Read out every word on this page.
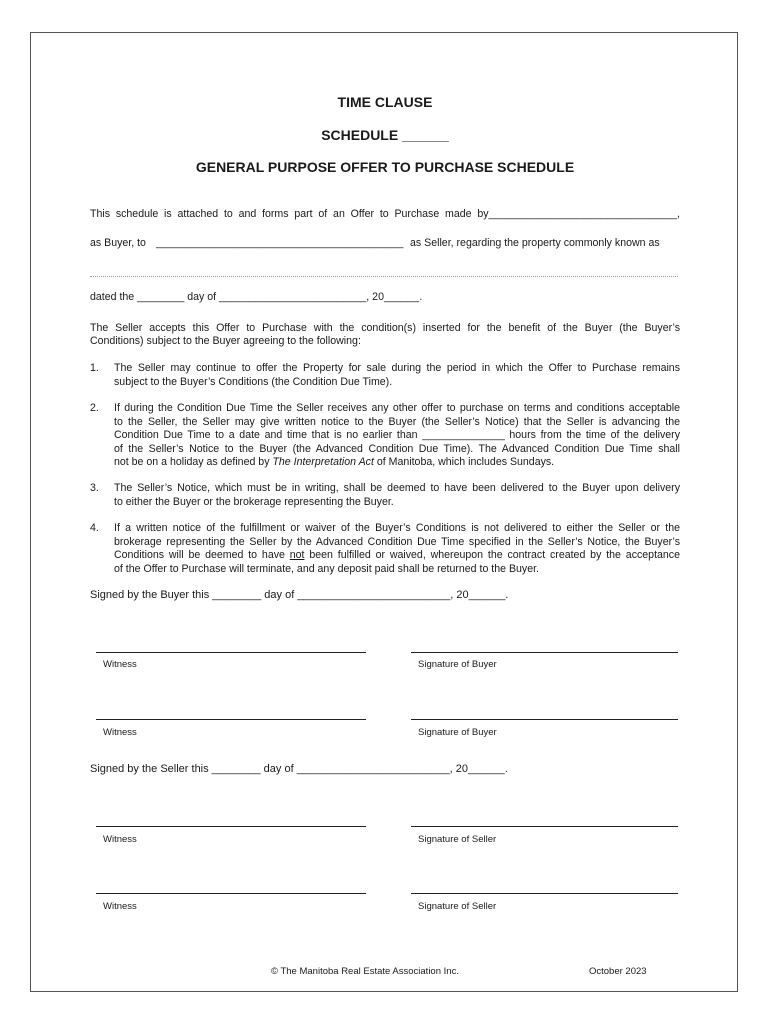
TIME CLAUSE
SCHEDULE ______
GENERAL PURPOSE OFFER TO PURCHASE SCHEDULE
This schedule is attached to and forms part of an Offer to Purchase made by________________________________,
as Buyer, to __________________________________________ as Seller, regarding the property commonly known as
dated the ________ day of _________________________, 20______.
The Seller accepts this Offer to Purchase with the condition(s) inserted for the benefit of the Buyer (the Buyer’s
Conditions) subject to the Buyer agreeing to the following:
1. The Seller may continue to offer the Property for sale during the period in which the Offer to Purchase remains
subject to the Buyer’s Conditions (the Condition Due Time).
2. If during the Condition Due Time the Seller receives any other offer to purchase on terms and conditions acceptable
to the Seller, the Seller may give written notice to the Buyer (the Seller’s Notice) that the Seller is advancing the
Condition Due Time to a date and time that is no earlier than ______________ hours from the time of the delivery
of the Seller’s Notice to the Buyer (the Advanced Condition Due Time). The Advanced Condition Due Time shall
not be on a holiday as defined by The Interpretation Act of Manitoba, which includes Sundays.
3. The Seller’s Notice, which must be in writing, shall be deemed to have been delivered to the Buyer upon delivery
to either the Buyer or the brokerage representing the Buyer.
4. If a written notice of the fulfillment or waiver of the Buyer’s Conditions is not delivered to either the Seller or the
brokerage representing the Seller by the Advanced Condition Due Time specified in the Seller’s Notice, the Buyer’s
Conditions will be deemed to have not been fulfilled or waived, whereupon the contract created by the acceptance
of the Offer to Purchase will terminate, and any deposit paid shall be returned to the Buyer.
Signed by the Buyer this ________ day of _________________________, 20______.
Witness	Signature of Buyer
Witness	Signature of Buyer
Signed by the Seller this ________ day of _________________________, 20______.
Witness	Signature of Seller
Witness	Signature of Seller
© The Manitoba Real Estate Association Inc.	October 2023
